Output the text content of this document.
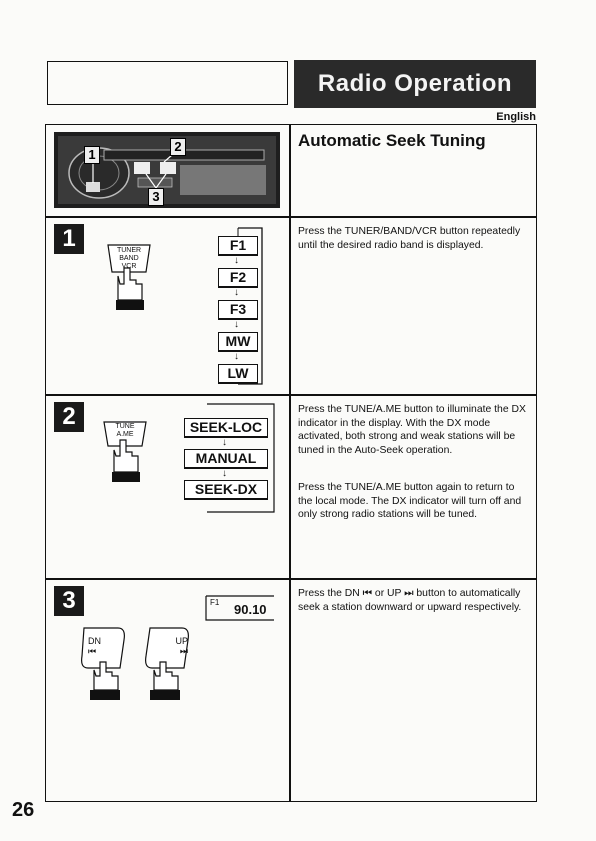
Radio Operation
English
Automatic Seek Tuning
1
2
3
1	TUNER
BAND
VCR
F1
↓
F2
↓
F3
↓
MW
↓
LW
Press the TUNER/BAND/VCR button repeatedly until the desired radio band is displayed.
2	TUNE
A.ME	SEEK-LOC
↓
MANUAL
↓
SEEK-DX
Press the TUNE/A.ME button to illuminate the DX indicator in the display. With the DX mode activated, both strong and weak stations will be tuned in the Auto-Seek operation.
Press the TUNE/A.ME button again to return to the local mode. The DX indicator will turn off and only strong radio stations will be tuned.
3	F1 90.10
DN
⏮
UP
⏭
Press the DN ⏮ or UP ⏭ button to automatically seek a station downward or upward respectively.
26
